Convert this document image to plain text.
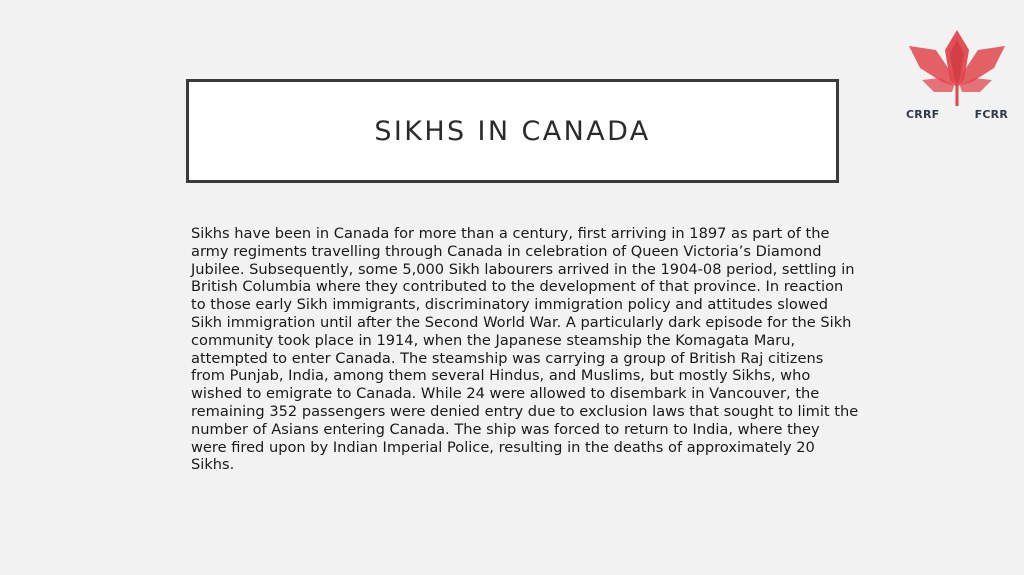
SIKHS IN CANADA
Sikhs have been in Canada for more than a century, first arriving in 1897 as part of the
army regiments travelling through Canada in celebration of Queen Victoria’s Diamond
Jubilee. Subsequently, some 5,000 Sikh labourers arrived in the 1904-08 period, settling in
British Columbia where they contributed to the development of that province. In reaction
to those early Sikh immigrants, discriminatory immigration policy and attitudes slowed
Sikh immigration until after the Second World War. A particularly dark episode for the Sikh
community took place in 1914, when the Japanese steamship the Komagata Maru,
attempted to enter Canada. The steamship was carrying a group of British Raj citizens
from Punjab, India, among them several Hindus, and Muslims, but mostly Sikhs, who
wished to emigrate to Canada. While 24 were allowed to disembark in Vancouver, the
remaining 352 passengers were denied entry due to exclusion laws that sought to limit the
number of Asians entering Canada. The ship was forced to return to India, where they
were fired upon by Indian Imperial Police, resulting in the deaths of approximately 20
Sikhs.
CRRF	FCRR
